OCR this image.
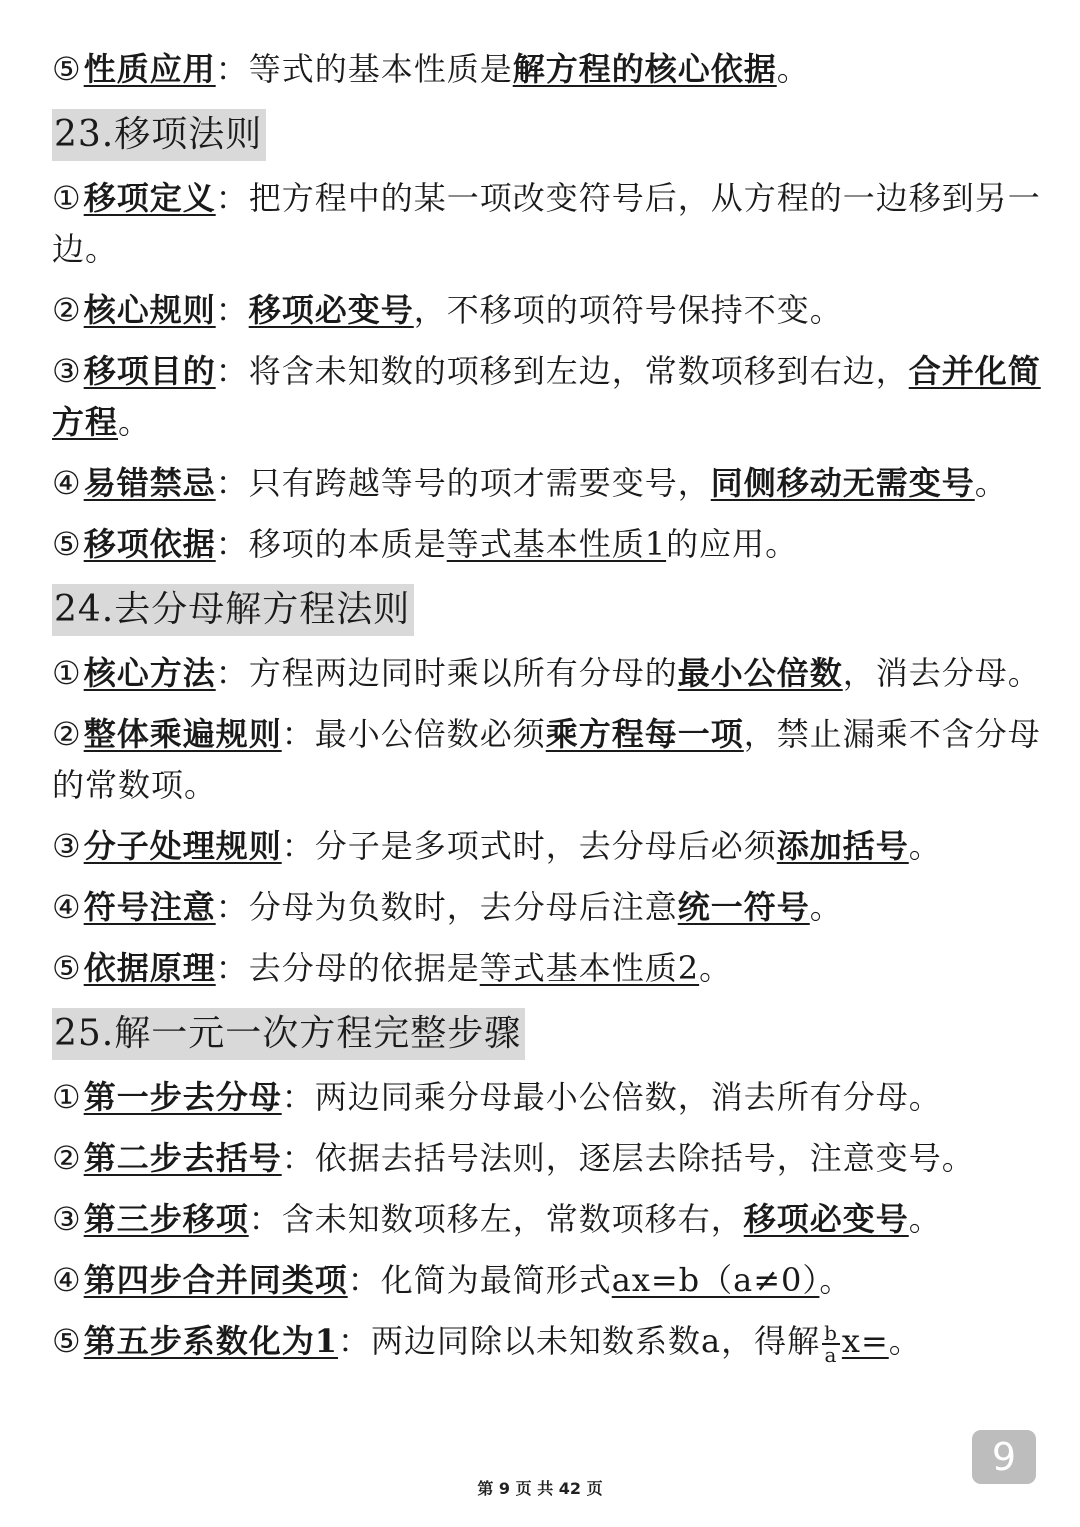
⑤性质应用：等式的基本性质是解方程的核心依据。

23.移项法则

①移项定义：把方程中的某一项改变符号后，从方程的一边移到另一边。

②核心规则：移项必变号，不移项的项符号保持不变。

③移项目的：将含未知数的项移到左边，常数项移到右边，合并化简方程。

④易错禁忌：只有跨越等号的项才需要变号，同侧移动无需变号。

⑤移项依据：移项的本质是等式基本性质1的应用。

24.去分母解方程法则

①核心方法：方程两边同时乘以所有分母的最小公倍数，消去分母。

②整体乘遍规则：最小公倍数必须乘方程每一项，禁止漏乘不含分母的常数项。

③分子处理规则：分子是多项式时，去分母后必须添加括号。

④符号注意：分母为负数时，去分母后注意统一符号。

⑤依据原理：去分母的依据是等式基本性质2。

25.解一元一次方程完整步骤

①第一步去分母：两边同乘分母最小公倍数，消去所有分母。

②第二步去括号：依据去括号法则，逐层去除括号，注意变号。

③第三步移项：含未知数项移左，常数项移右，移项必变号。

④第四步合并同类项：化简为最简形式ax=b（a≠0）。

⑤第五步系数化为1：两边同除以未知数系数a，得解 $\frac{b}{a} x=$。

9
第 9 页 共 42 页
